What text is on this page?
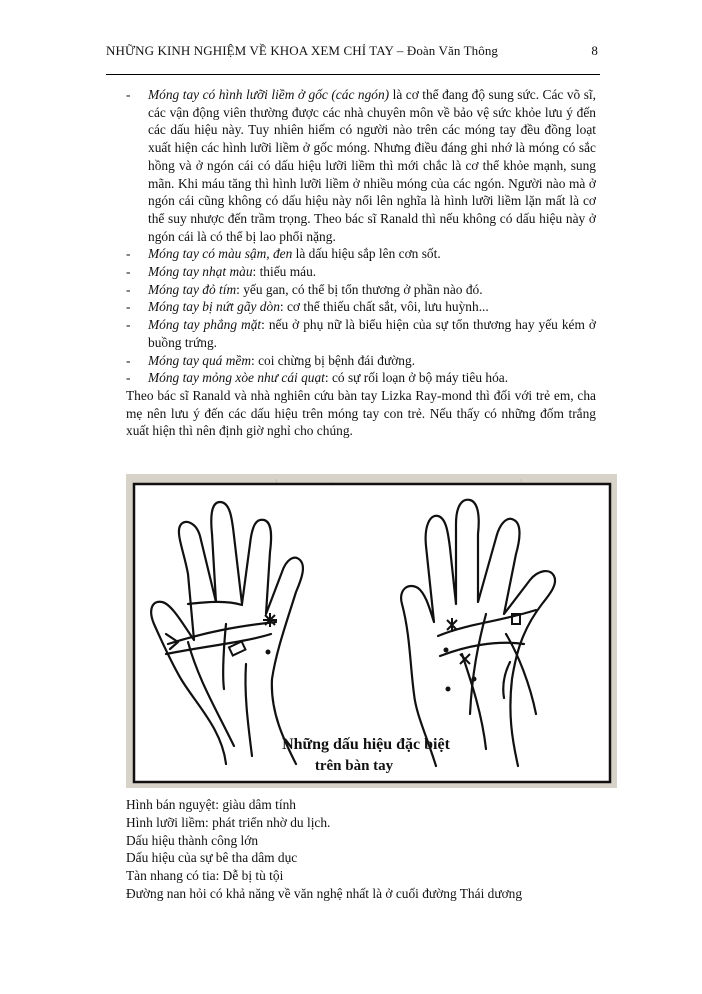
NHỮNG KINH NGHIỆM VỀ KHOA XEM CHỈ TAY – Đoàn Văn Thông	8
- Móng tay có hình lưỡi liềm ở gốc (các ngón) là cơ thể đang độ sung sức. Các võ sĩ, các vận động viên thường được các nhà chuyên môn về bảo vệ sức khỏe lưu ý đến các dấu hiệu này. Tuy nhiên hiếm có người nào trên các móng tay đều đồng loạt xuất hiện các hình lưỡi liềm ở gốc móng. Nhưng điều đáng ghi nhớ là móng có sắc hồng và ở ngón cái có dấu hiệu lưỡi liềm thì mới chắc là cơ thể khỏe mạnh, sung mãn. Khi máu tăng thì hình lưỡi liềm ở nhiều móng của các ngón. Người nào mà ở ngón cái cũng không có dấu hiệu này nổi lên nghĩa là hình lưỡi liềm lặn mất là cơ thể suy nhược đến trầm trọng. Theo bác sĩ Ranald thì nếu không có dấu hiệu này ở ngón cái là có thể bị lao phổi nặng.
- Móng tay có màu sậm, đen là dấu hiệu sắp lên cơn sốt.
- Móng tay nhạt màu: thiếu máu.
- Móng tay đỏ tím: yếu gan, có thể bị tổn thương ở phần nào đó.
- Móng tay bị nứt gãy dòn: cơ thể thiếu chất sắt, vôi, lưu huỳnh...
- Móng tay phẳng mặt: nếu ở phụ nữ là biểu hiện của sự tổn thương hay yếu kém ở buồng trứng.
- Móng tay quá mềm: coi chừng bị bệnh đái đường.
- Móng tay mỏng xòe như cái quạt: có sự rối loạn ở bộ máy tiêu hóa.
Theo bác sĩ Ranald và nhà nghiên cứu bàn tay Lizka Ray-mond thì đối với trẻ em, cha mẹ nên lưu ý đến các dấu hiệu trên móng tay con trẻ. Nếu thấy có những đốm trắng xuất hiện thì nên định giờ nghỉ cho chúng.
Những dấu hiệu đặc biệt
trên bàn tay
Hình bán nguyệt: giàu dâm tính
Hình lưỡi liềm: phát triển nhờ du lịch.
Dấu hiệu thành công lớn
Dấu hiệu của sự bê tha dâm dục
Tàn nhang có tia: Dễ bị tù tội
Đường nan hỏi có khả năng về văn nghệ nhất là ở cuối đường Thái dương
